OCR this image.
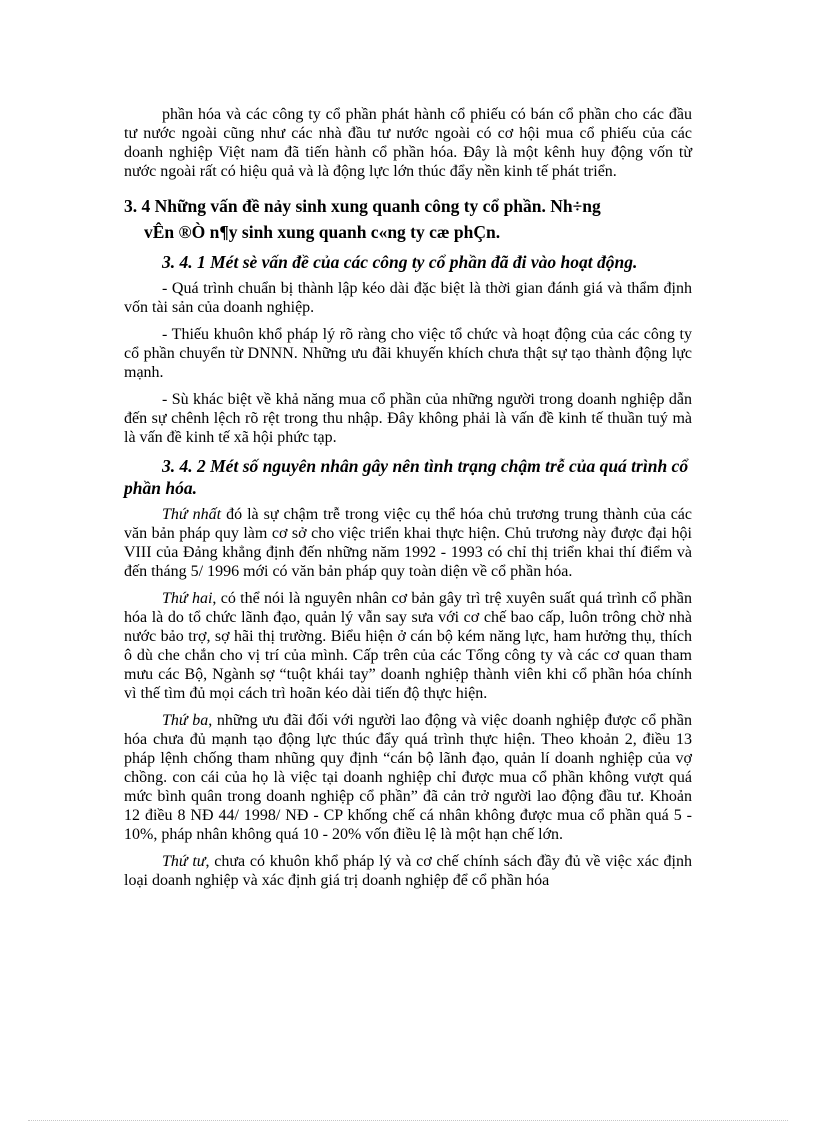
phần hóa và các công ty cổ phần phát hành cổ phiếu có bán cổ phần cho các đầu tư nước ngoài cũng như các nhà đầu tư nước ngoài có cơ hội mua cổ phiếu của các doanh nghiệp Việt nam đã tiến hành cổ phần hóa. Đây là một kênh huy động vốn từ nước ngoài rất có hiệu quả và là động lực lớn thúc đẩy nền kinh tế phát triển.

3. 4 Những vấn đề nảy sinh xung quanh công ty cổ phần. Nh÷ng
vÊn ®Ò n¶y sinh xung quanh c«ng ty cæ phÇn.

3. 4. 1 Mét sè vấn đề của các công ty cổ phần đã đi vào hoạt động.

- Quá trình chuẩn bị thành lập kéo dài đặc biệt là thời gian đánh giá và thẩm định vốn tài sản của doanh nghiệp.

- Thiếu khuôn khổ pháp lý rõ ràng cho việc tổ chức và hoạt động của các công ty cổ phần chuyển từ DNNN. Những ưu đãi khuyến khích chưa thật sự tạo thành động lực mạnh.

- Sù khác biệt về khả năng mua cổ phần của những người trong doanh nghiệp dẫn đến sự chênh lệch rõ rệt trong thu nhập. Đây không phải là vấn đề kinh tế thuần tuý mà là vấn đề kinh tế xã hội phức tạp.

3. 4. 2 Mét số nguyên nhân gây nên tình trạng chậm trễ của quá trình cổ phần hóa.

Thứ nhất đó là sự chậm trễ trong việc cụ thể hóa chủ trương trung thành của các văn bản pháp quy làm cơ sở cho việc triển khai thực hiện. Chủ trương này được đại hội VIII của Đảng khẳng định đến những năm 1992 - 1993 có chỉ thị triển khai thí điểm và đến tháng 5/ 1996 mới có văn bản pháp quy toàn diện về cổ phần hóa.

Thứ hai, có thể nói là nguyên nhân cơ bản gây trì trệ xuyên suất quá trình cổ phần hóa là do tổ chức lãnh đạo, quản lý vẫn say sưa với cơ chế bao cấp, luôn trông chờ nhà nước bảo trợ, sợ hãi thị trường. Biểu hiện ở cán bộ kém năng lực, ham hưởng thụ, thích ô dù che chắn cho vị trí của mình. Cấp trên của các Tổng công ty và các cơ quan tham mưu các Bộ, Ngành sợ “tuột khái tay” doanh nghiệp thành viên khi cổ phần hóa chính vì thế tìm đủ mọi cách trì hoãn kéo dài tiến độ thực hiện.

Thứ ba, những ưu đãi đối với người lao động và việc doanh nghiệp được cổ phần hóa chưa đủ mạnh tạo động lực thúc đẩy quá trình thực hiện. Theo khoản 2, điều 13 pháp lệnh chống tham nhũng quy định “cán bộ lãnh đạo, quản lí doanh nghiệp của vợ chồng. con cái của họ là việc tại doanh nghiệp chỉ được mua cổ phần không vượt quá mức bình quân trong doanh nghiệp cổ phần” đã cản trở người lao động đầu tư. Khoản 12 điều 8 NĐ 44/ 1998/ NĐ - CP khống chế cá nhân không được mua cổ phần quá 5 - 10%, pháp nhân không quá 10 - 20% vốn điều lệ là một hạn chế lớn.

Thứ tư, chưa có khuôn khổ pháp lý và cơ chế chính sách đầy đủ về việc xác định loại doanh nghiệp và xác định giá trị doanh nghiệp để cổ phần hóa
